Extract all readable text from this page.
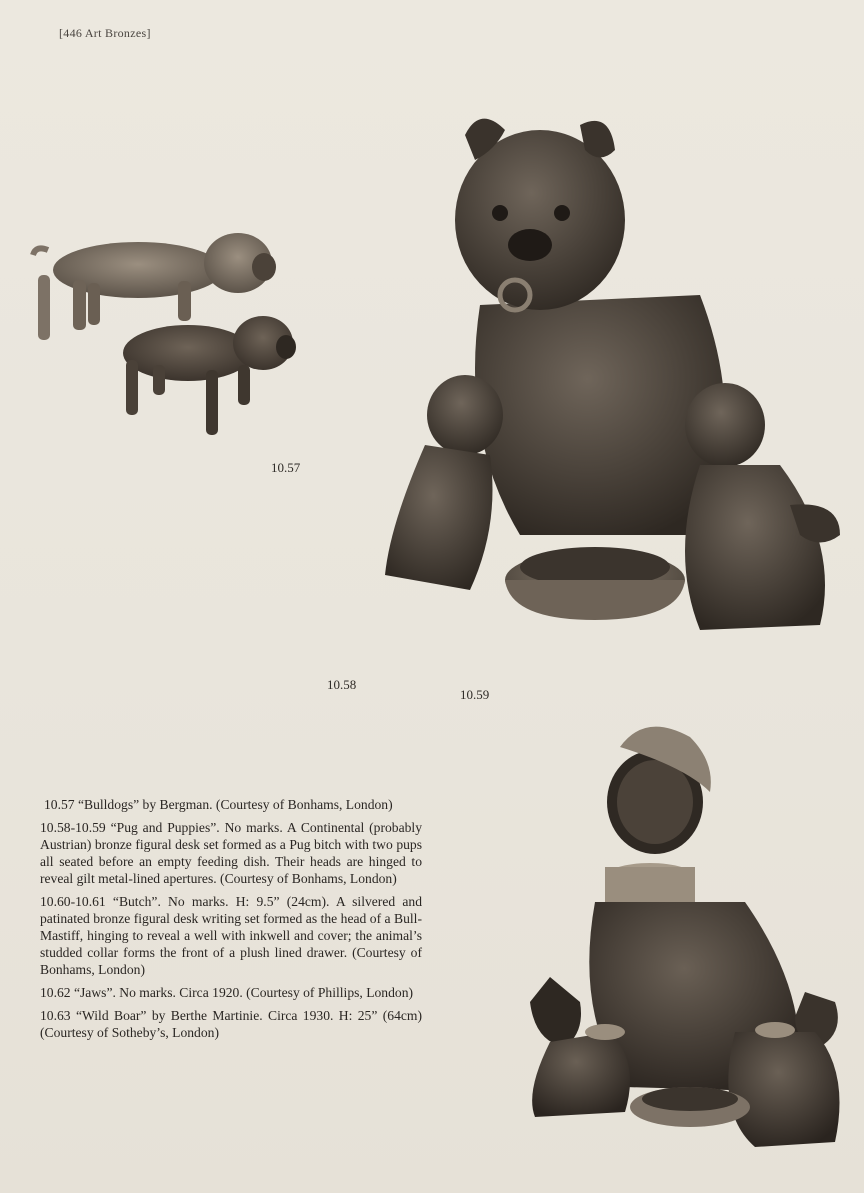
[446 Art Bronzes]
10.57
10.58
10.59

10.57 “Bulldogs” by Bergman. (Courtesy of Bonhams, London)

10.58-10.59 “Pug and Puppies”. No marks. A Continental (probably Austrian) bronze figural desk set formed as a Pug bitch with two pups all seated before an empty feeding dish. Their heads are hinged to reveal gilt metal-lined apertures. (Courtesy of Bonhams, London)

10.60-10.61 “Butch”. No marks. H: 9.5” (24cm). A silvered and patinated bronze figural desk writing set formed as the head of a Bull-Mastiff, hinging to reveal a well with inkwell and cover; the animal’s studded collar forms the front of a plush lined drawer. (Courtesy of Bonhams, London)

10.62 “Jaws”. No marks. Circa 1920. (Courtesy of Phillips, London)

10.63 “Wild Boar” by Berthe Martinie. Circa 1930. H: 25” (64cm) (Courtesy of Sotheby’s, London)
